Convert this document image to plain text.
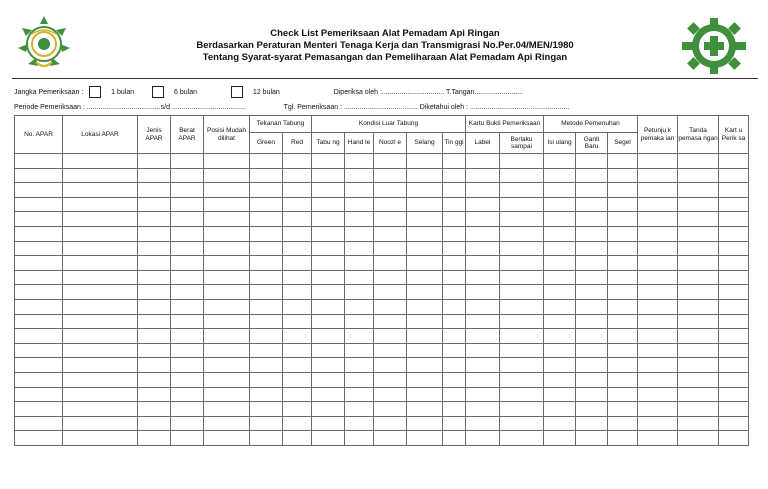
Check List Pemeriksaan Alat Pemadam Api Ringan
Berdasarkan Peraturan Menteri Tenaga Kerja dan Transmigrasi No.Per.04/MEN/1980
Tentang Syarat-syarat Pemasangan dan Pemeliharaan Alat Pemadam Api Ringan
Jangka Pemeriksaan :	1 bulan	6 bulan	12 bulan	Diperiksa oleh :................................ T.Tangan.........................
Periode Pemeriksaan : ......................................s/d ......................................	Tgl. Pemeriksaan : ...................................... Diketahui oleh : ...................................................
No. APAR	Lokasi APAR	Jenis APAR	Berat APAR	Posisi Mudah dilihat	Tekanan Tabung		Kondisi Luar Tabung					Kartu Bukti Pemeriksaan		Metode Pemenuhan			Petunju k pemaka ian	Tanda pemasa ngan	Kart u Perik sa
					Green	Red	Tabu ng	Hand le	Noozl e	Selang	Tin ggi	Label	Berlaku sampai	Isi ulang	Ganti Baru	Segel			
